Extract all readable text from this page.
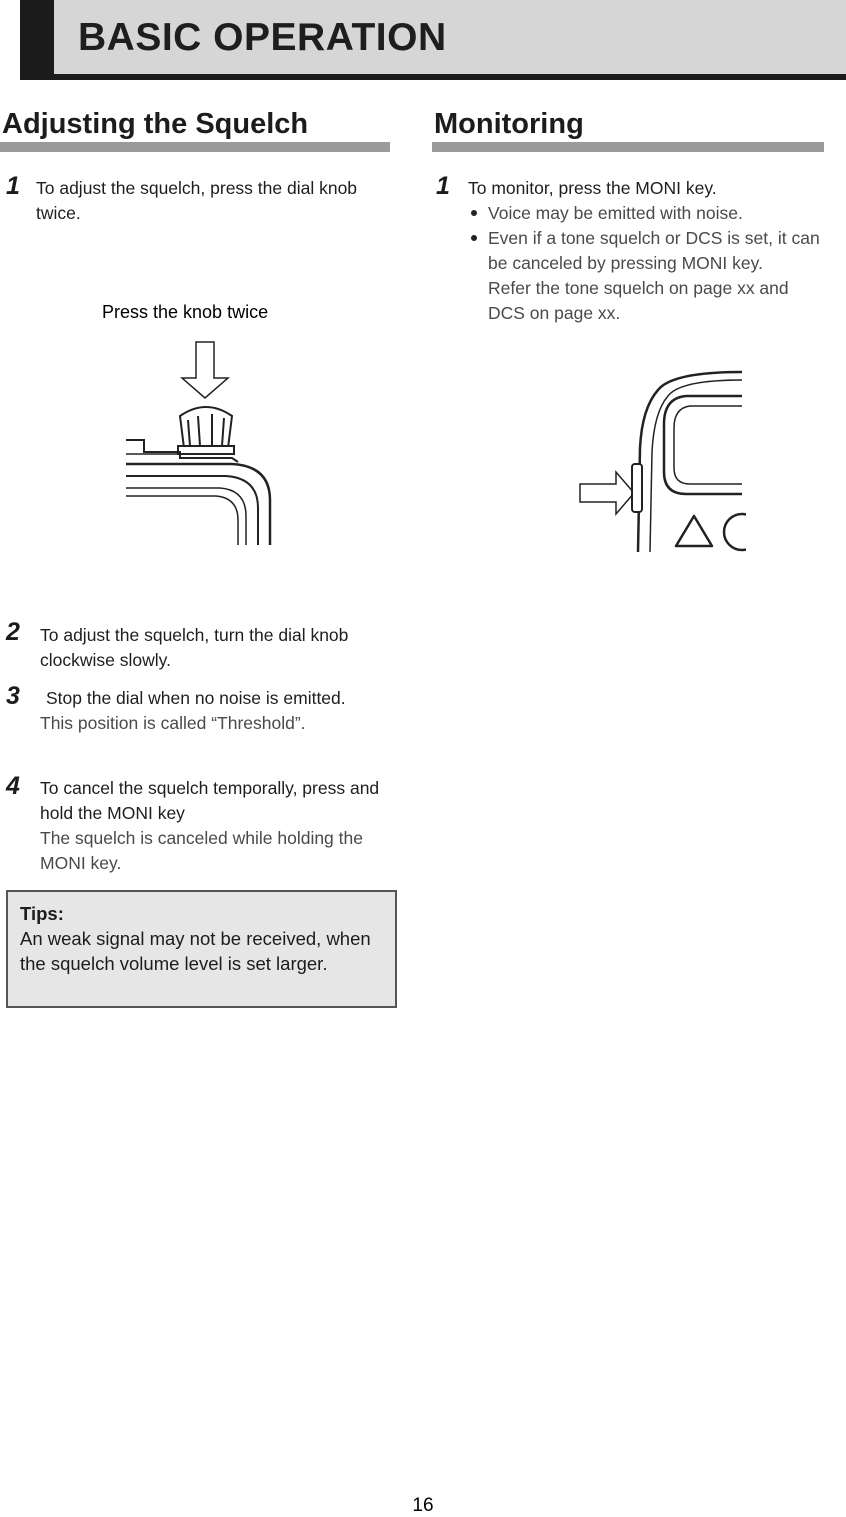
BASIC OPERATION
Adjusting the Squelch
1 To adjust the squelch, press the dial knob twice.
Press the knob twice
2 To adjust the squelch, turn the dial knob clockwise slowly.
3	Stop the dial when no noise is emitted.
This position is called “Threshold”.
4 To cancel the squelch temporally, press and hold the MONI key
The squelch is canceled while holding the MONI key.
Tips:
An weak signal may not be received, when the squelch volume level is set larger.
Monitoring
1 To monitor, press the MONI key.
Voice may be emitted with noise.
Even if a tone squelch or DCS is set, it can be canceled by pressing MONI key.
Refer the tone squelch on page xx and DCS on page xx.
16
